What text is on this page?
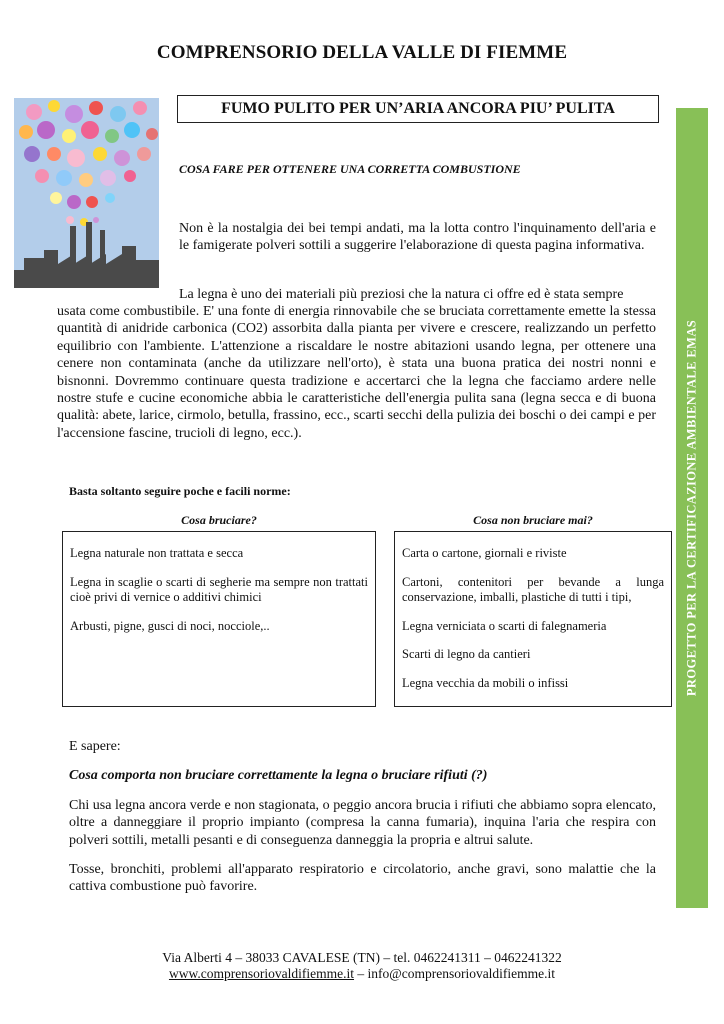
COMPRENSORIO DELLA VALLE DI FIEMME
FUMO PULITO PER UN’ARIA ANCORA PIU’ PULITA
COSA FARE PER OTTENERE UNA CORRETTA COMBUSTIONE
Non è la nostalgia dei bei tempi andati, ma la lotta contro l'inquinamento dell'aria e le famigerate polveri sottili a suggerire l'elaborazione di questa pagina informativa.
La legna è uno dei materiali più preziosi che la natura ci offre ed è stata sempre
usata come combustibile. E' una fonte di energia rinnovabile che se bruciata correttamente emette la stessa quantità di anidride carbonica (CO2) assorbita dalla pianta per vivere e crescere, realizzando un perfetto equilibrio con l'ambiente. L'attenzione a riscaldare le nostre abitazioni usando legna, per ottenere una cenere non contaminata (anche da utilizzare nell'orto), è stata una buona pratica dei nostri nonni e bisnonni. Dovremmo continuare questa tradizione e accertarci che la legna che facciamo ardere nelle nostre stufe e cucine economiche abbia le caratteristiche dell'energia pulita sana (legna secca e di buona qualità: abete, larice, cirmolo, betulla, frassino, ecc., scarti secchi della pulizia dei boschi o dei campi e per l'accensione fascine, trucioli di legno, ecc.).
Basta soltanto seguire poche e facili norme:
Cosa bruciare?	Cosa non bruciare mai?
Legna naturale non trattata e secca
Legna in scaglie o scarti di segherie ma sempre non trattati cioè privi di vernice o additivi chimici
Arbusti, pigne, gusci di noci, nocciole,..
Carta o cartone, giornali e riviste
Cartoni, contenitori per bevande a lunga conservazione, imballi, plastiche di tutti i tipi,
Legna verniciata o scarti di falegnameria
Scarti di legno da cantieri
Legna vecchia da mobili o infissi
E sapere:
Cosa comporta non bruciare correttamente la legna o bruciare rifiuti (?)
Chi usa legna ancora verde e non stagionata, o peggio ancora brucia i rifiuti che abbiamo sopra elencato, oltre a danneggiare il proprio impianto (compresa la canna fumaria), inquina l'aria che respira con polveri sottili, metalli pesanti e di conseguenza danneggia la propria e altrui salute.
Tosse, bronchiti, problemi all'apparato respiratorio e circolatorio, anche gravi, sono malattie che la cattiva combustione può favorire.
Via Alberti 4 – 38033 CAVALESE (TN) – tel. 0462241311 – 0462241322
www.comprensoriovaldifiemme.it – info@comprensoriovaldifiemme.it
PROGETTO PER LA CERTIFICAZIONE AMBIENTALE EMAS
